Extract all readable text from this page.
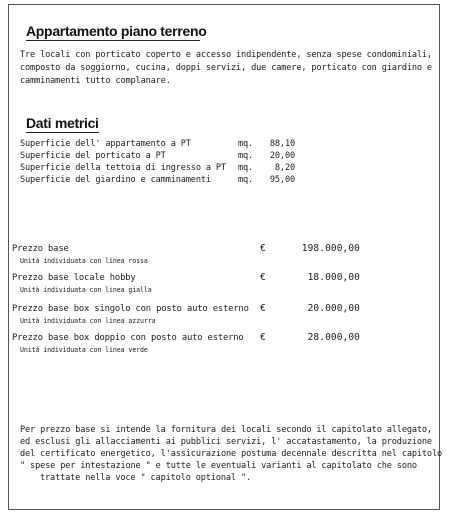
Appartamento piano terreno
Tre locali con porticato coperto e accesso indipendente, senza spese condominiali,
composto da soggiorno, cucina, doppi servizi, due camere, porticato con giardino e
camminamenti tutto complanare.
Dati metrici
Superficie dell' appartamento a PT	mq. 88,10
Superficie del porticato a PT	mq. 20,00
Superficie della tettoia di ingresso a PT mq.	8,20
Superficie del giardino e camminamenti	mq. 95,00
Prezzo base
Unità individuata con linea rossa
€	198.000,00
Prezzo base locale hobby
Unità individuata con linea gialla
€	18.000,00
Prezzo base box singolo con posto auto esterno
Unità individuata con linea azzurra
€	20.000,00
Prezzo base box doppio con posto auto esterno
Unità individuata con linea verde
€	28.000,00
Per prezzo base si intende la fornitura dei locali secondo il capitolato allegato,
ed esclusi gli allacciamenti ai pubblici servizi, l' accatastamento, la produzione
del certificato energetico, l'assicurazione postuma decennale descritta nel capitolo
" spese per intestazione " e tutte le eventuali varianti al capitolato che sono
trattate nella voce " capitolo optional ".
